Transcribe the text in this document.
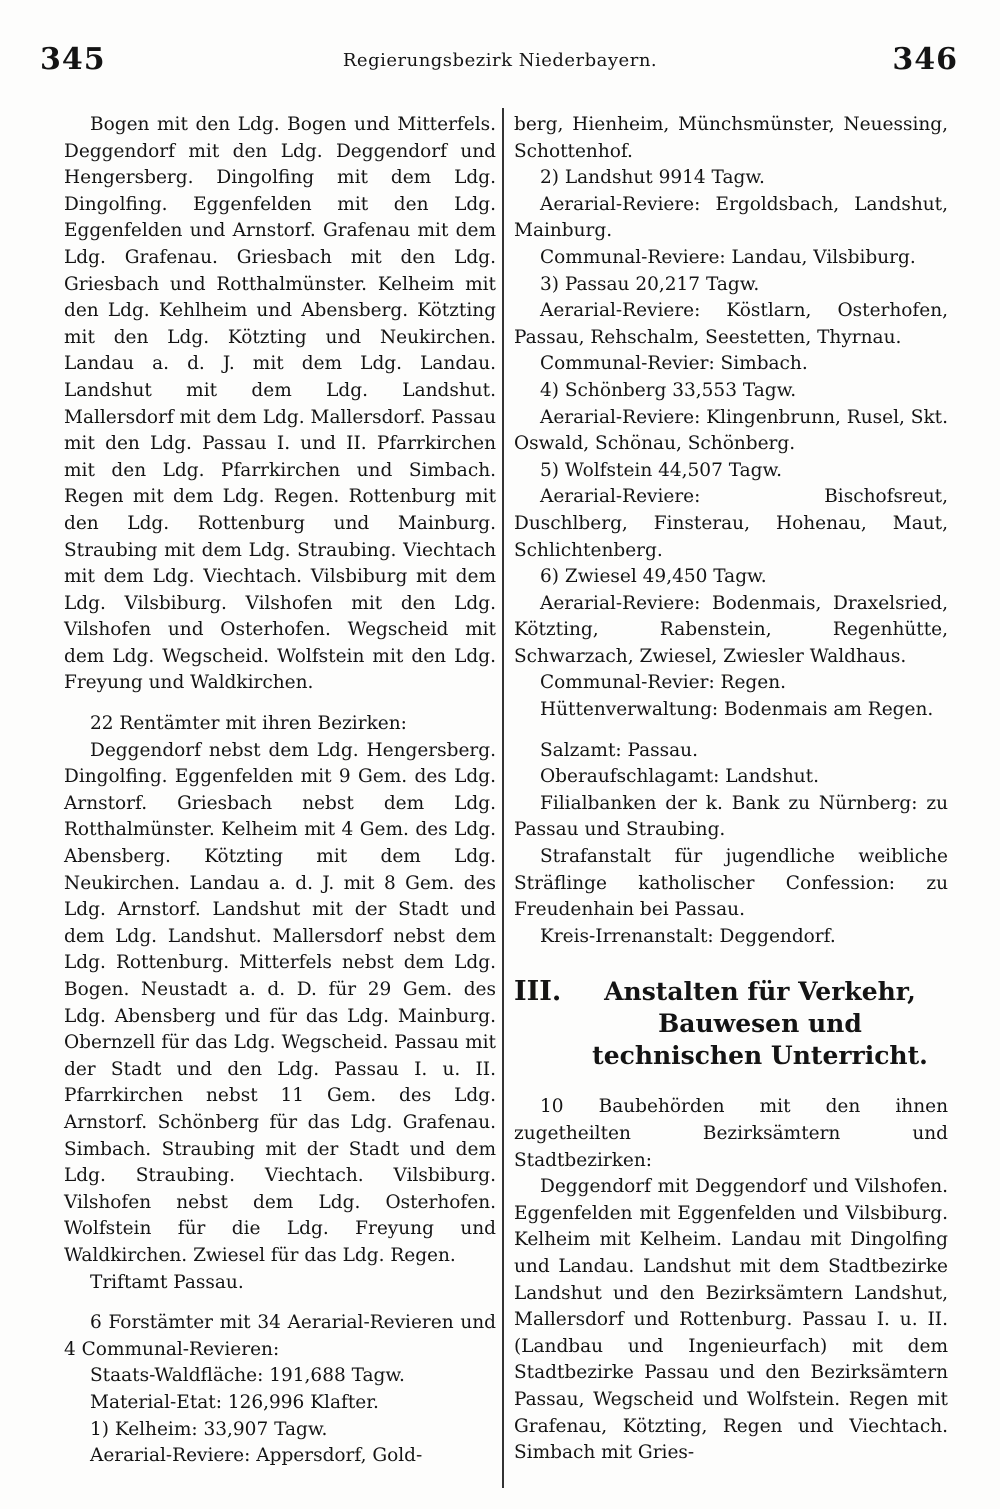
345	Regierungsbezirk Niederbayern.	346

Bogen mit den Ldg. Bogen und Mitterfels. Deggendorf mit den Ldg. Deggendorf und Hengersberg. Dingolfing mit dem Ldg. Dingolfing. Eggenfelden mit den Ldg. Eggenfelden und Arnstorf. Grafenau mit dem Ldg. Grafenau. Griesbach mit den Ldg. Griesbach und Rotthalmünster. Kelheim mit den Ldg. Kehlheim und Abensberg. Kötzting mit den Ldg. Kötzting und Neukirchen. Landau a. d. J. mit dem Ldg. Landau. Landshut mit dem Ldg. Landshut. Mallersdorf mit dem Ldg. Mallersdorf. Passau mit den Ldg. Passau I. und II. Pfarrkirchen mit den Ldg. Pfarrkirchen und Simbach. Regen mit dem Ldg. Regen. Rottenburg mit den Ldg. Rottenburg und Mainburg. Straubing mit dem Ldg. Straubing. Viechtach mit dem Ldg. Viechtach. Vilsbiburg mit dem Ldg. Vilsbiburg. Vilshofen mit den Ldg. Vilshofen und Osterhofen. Wegscheid mit dem Ldg. Wegscheid. Wolfstein mit den Ldg. Freyung und Waldkirchen.

22 Rentämter mit ihren Bezirken:

Deggendorf nebst dem Ldg. Hengersberg. Dingolfing. Eggenfelden mit 9 Gem. des Ldg. Arnstorf. Griesbach nebst dem Ldg. Rotthalmünster. Kelheim mit 4 Gem. des Ldg. Abensberg. Kötzting mit dem Ldg. Neukirchen. Landau a. d. J. mit 8 Gem. des Ldg. Arnstorf. Landshut mit der Stadt und dem Ldg. Landshut. Mallersdorf nebst dem Ldg. Rottenburg. Mitterfels nebst dem Ldg. Bogen. Neustadt a. d. D. für 29 Gem. des Ldg. Abensberg und für das Ldg. Mainburg. Obernzell für das Ldg. Wegscheid. Passau mit der Stadt und den Ldg. Passau I. u. II. Pfarrkirchen nebst 11 Gem. des Ldg. Arnstorf. Schönberg für das Ldg. Grafenau. Simbach. Straubing mit der Stadt und dem Ldg. Straubing. Viechtach. Vilsbiburg. Vilshofen nebst dem Ldg. Osterhofen. Wolfstein für die Ldg. Freyung und Waldkirchen. Zwiesel für das Ldg. Regen.

Triftamt Passau.

6 Forstämter mit 34 Aerarial-Revieren und 4 Communal-Revieren:

Staats-Waldfläche: 191,688 Tagw.

Material-Etat: 126,996 Klafter.

1) Kelheim: 33,907 Tagw.

Aerarial-Reviere: Appersdorf, Gold-

berg, Hienheim, Münchsmünster, Neuessing, Schottenhof.

2) Landshut 9914 Tagw.

Aerarial-Reviere: Ergoldsbach, Landshut, Mainburg.

Communal-Reviere: Landau, Vilsbiburg.

3) Passau 20,217 Tagw.

Aerarial-Reviere: Köstlarn, Osterhofen, Passau, Rehschalm, Seestetten, Thyrnau.

Communal-Revier: Simbach.

4) Schönberg 33,553 Tagw.

Aerarial-Reviere: Klingenbrunn, Rusel, Skt. Oswald, Schönau, Schönberg.

5) Wolfstein 44,507 Tagw.

Aerarial-Reviere: Bischofsreut, Duschlberg, Finsterau, Hohenau, Maut, Schlichtenberg.

6) Zwiesel 49,450 Tagw.

Aerarial-Reviere: Bodenmais, Draxelsried, Kötzting, Rabenstein, Regenhütte, Schwarzach, Zwiesel, Zwiesler Waldhaus.

Communal-Revier: Regen.

Hüttenverwaltung: Bodenmais am Regen.

Salzamt: Passau.

Oberaufschlagamt: Landshut.

Filialbanken der k. Bank zu Nürnberg: zu Passau und Straubing.

Strafanstalt für jugendliche weibliche Sträflinge katholischer Confession: zu Freudenhain bei Passau.

Kreis-Irrenanstalt: Deggendorf.

III.	Anstalten für Verkehr, Bauwesen und technischen Unterricht.

10 Baubehörden mit den ihnen zugetheilten Bezirksämtern und Stadtbezirken:

Deggendorf mit Deggendorf und Vilshofen. Eggenfelden mit Eggenfelden und Vilsbiburg. Kelheim mit Kelheim. Landau mit Dingolfing und Landau. Landshut mit dem Stadtbezirke Landshut und den Bezirksämtern Landshut, Mallersdorf und Rottenburg. Passau I. u. II. (Landbau und Ingenieurfach) mit dem Stadtbezirke Passau und den Bezirksämtern Passau, Wegscheid und Wolfstein. Regen mit Grafenau, Kötzting, Regen und Viechtach. Simbach mit Gries-
